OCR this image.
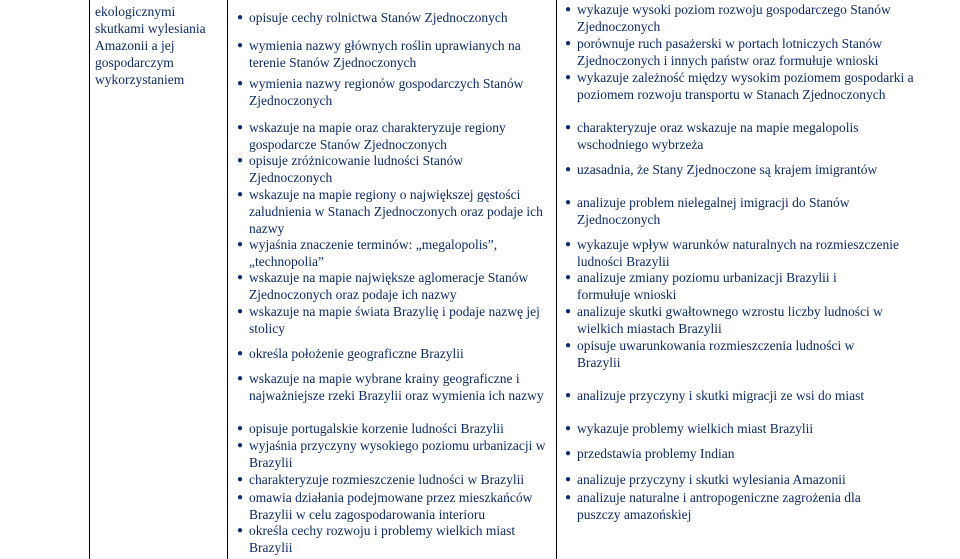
ekologicznymi skutkami wylesiania Amazonii a jej gospodarczym wykorzystaniem
● opisuje cechy rolnictwa Stanów Zjednoczonych
● wymienia nazwy głównych roślin uprawianych na terenie Stanów Zjednoczonych
● wymienia nazwy regionów gospodarczych Stanów Zjednoczonych
● wskazuje na mapie oraz charakteryzuje regiony gospodarcze Stanów Zjednoczonych
● opisuje zróżnicowanie ludności Stanów Zjednoczonych
● wskazuje na mapie regiony o największej gęstości zaludnienia w Stanach Zjednoczonych oraz podaje ich nazwy
● wyjaśnia znaczenie terminów: „megalopolis”, „technopolia”
● wskazuje na mapie największe aglomeracje Stanów Zjednoczonych oraz podaje ich nazwy
● wskazuje na mapie świata Brazylię i podaje nazwę jej stolicy
● określa położenie geograficzne Brazylii
● wskazuje na mapie wybrane krainy geograficzne i najważniejsze rzeki Brazylii oraz wymienia ich nazwy
● opisuje portugalskie korzenie ludności Brazylii
● wyjaśnia przyczyny wysokiego poziomu urbanizacji w Brazylii
● charakteryzuje rozmieszczenie ludności w Brazylii
● omawia działania podejmowane przez mieszkańców Brazylii w celu zagospodarowania interioru
● określa cechy rozwoju i problemy wielkich miast Brazylii
● wykazuje wysoki poziom rozwoju gospodarczego Stanów Zjednoczonych
● porównuje ruch pasażerski w portach lotniczych Stanów Zjednoczonych i innych państw oraz formułuje wnioski
● wykazuje zależność między wysokim poziomem gospodarki a poziomem rozwoju transportu w Stanach Zjednoczonych
● charakteryzuje oraz wskazuje na mapie megalopolis wschodniego wybrzeża
● uzasadnia, że Stany Zjednoczone są krajem imigrantów
● analizuje problem nielegalnej imigracji do Stanów Zjednoczonych
● wykazuje wpływ warunków naturalnych na rozmieszczenie ludności Brazylii
● analizuje zmiany poziomu urbanizacji Brazylii i formułuje wnioski
● analizuje skutki gwałtownego wzrostu liczby ludności w wielkich miastach Brazylii
● opisuje uwarunkowania rozmieszczenia ludności w Brazylii
● analizuje przyczyny i skutki migracji ze wsi do miast
● wykazuje problemy wielkich miast Brazylii
● przedstawia problemy Indian
● analizuje przyczyny i skutki wylesiania Amazonii
● analizuje naturalne i antropogeniczne zagrożenia dla puszczy amazońskiej
